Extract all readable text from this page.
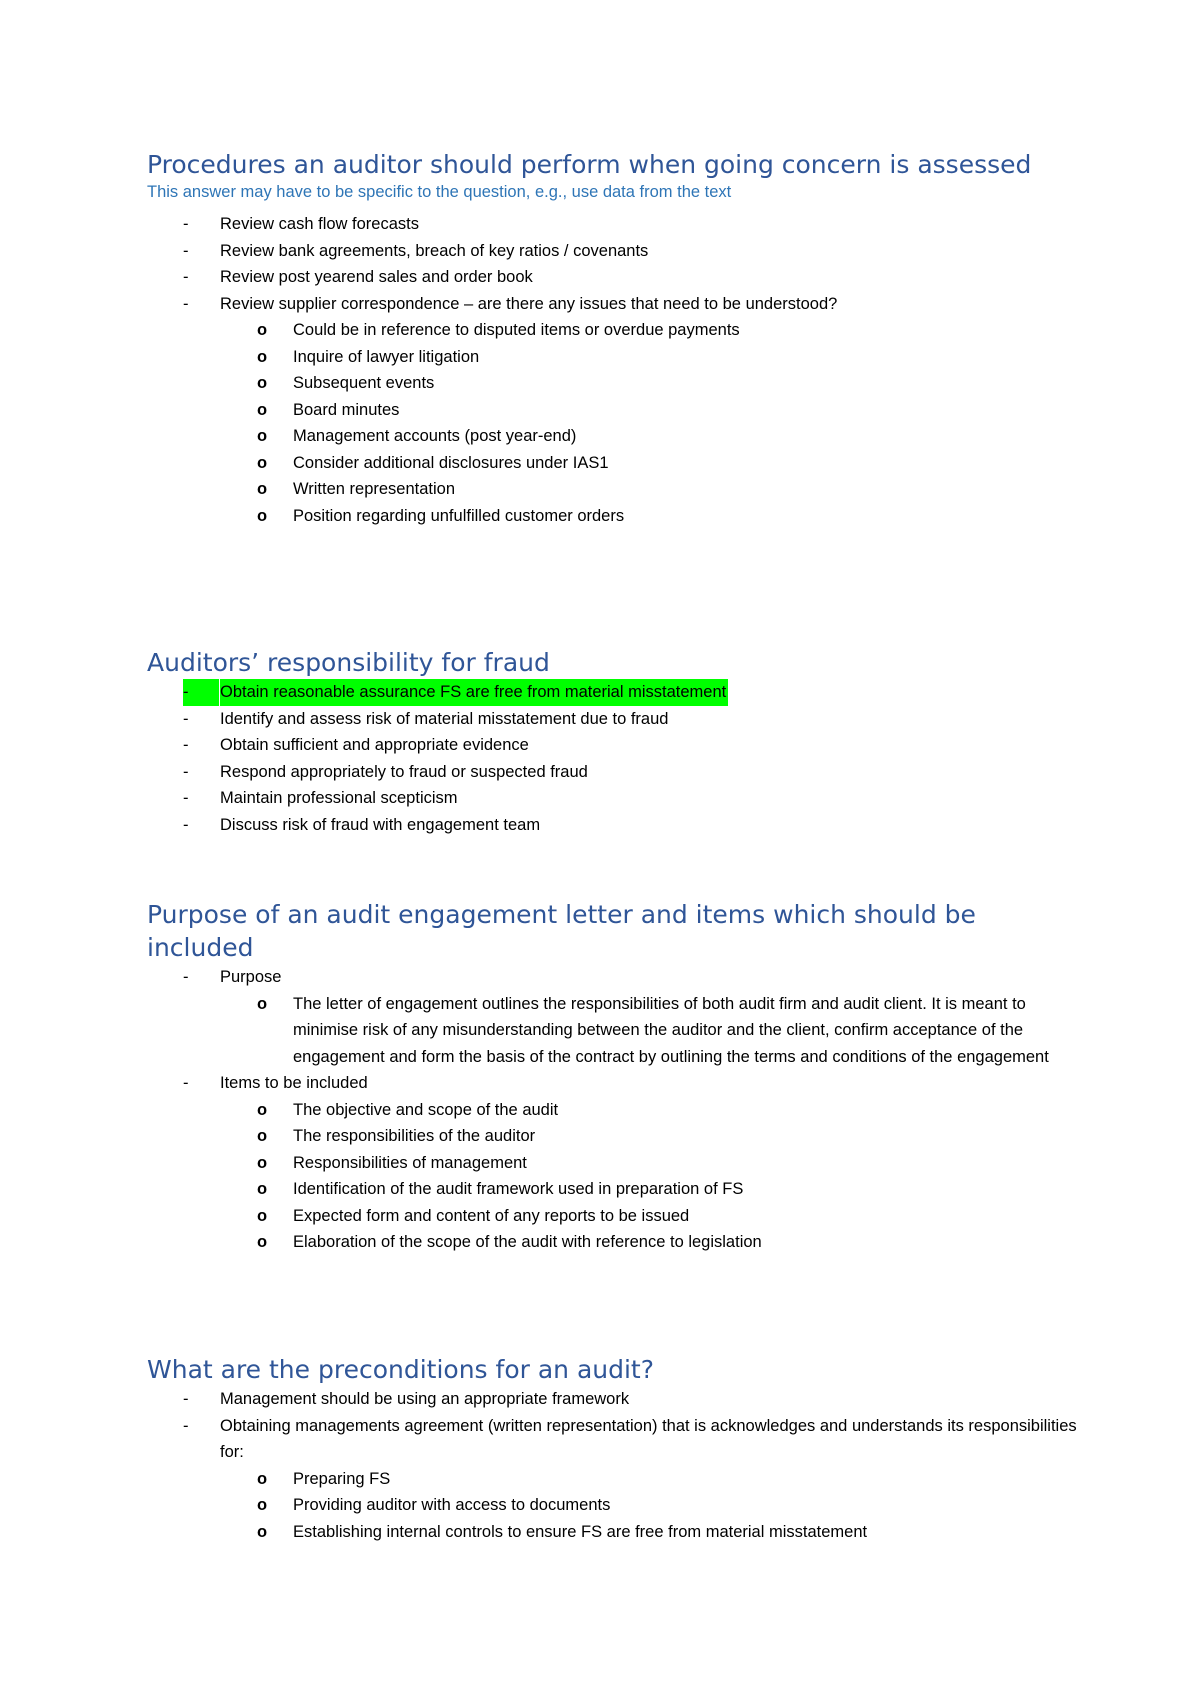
Procedures an auditor should perform when going concern is assessed

This answer may have to be specific to the question, e.g., use data from the text

- Review cash flow forecasts
- Review bank agreements, breach of key ratios / covenants
- Review post yearend sales and order book
- Review supplier correspondence – are there any issues that need to be understood?
o Could be in reference to disputed items or overdue payments
o Inquire of lawyer litigation
o Subsequent events
o Board minutes
o Management accounts (post year-end)
o Consider additional disclosures under IAS1
o Written representation
o Position regarding unfulfilled customer orders
Auditors’ responsibility for fraud
- Obtain reasonable assurance FS are free from material misstatement
- Identify and assess risk of material misstatement due to fraud
- Obtain sufficient and appropriate evidence
- Respond appropriately to fraud or suspected fraud
- Maintain professional scepticism
- Discuss risk of fraud with engagement team
Purpose of an audit engagement letter and items which should be included
- Purpose
o The letter of engagement outlines the responsibilities of both audit firm and audit client. It is meant to minimise risk of any misunderstanding between the auditor and the client, confirm acceptance of the engagement and form the basis of the contract by outlining the terms and conditions of the engagement
- Items to be included
o The objective and scope of the audit
o The responsibilities of the auditor
o Responsibilities of management
o Identification of the audit framework used in preparation of FS
o Expected form and content of any reports to be issued
o Elaboration of the scope of the audit with reference to legislation
What are the preconditions for an audit?
- Management should be using an appropriate framework
- Obtaining managements agreement (written representation) that is acknowledges and understands its responsibilities for:
o Preparing FS
o Providing auditor with access to documents
o Establishing internal controls to ensure FS are free from material misstatement
